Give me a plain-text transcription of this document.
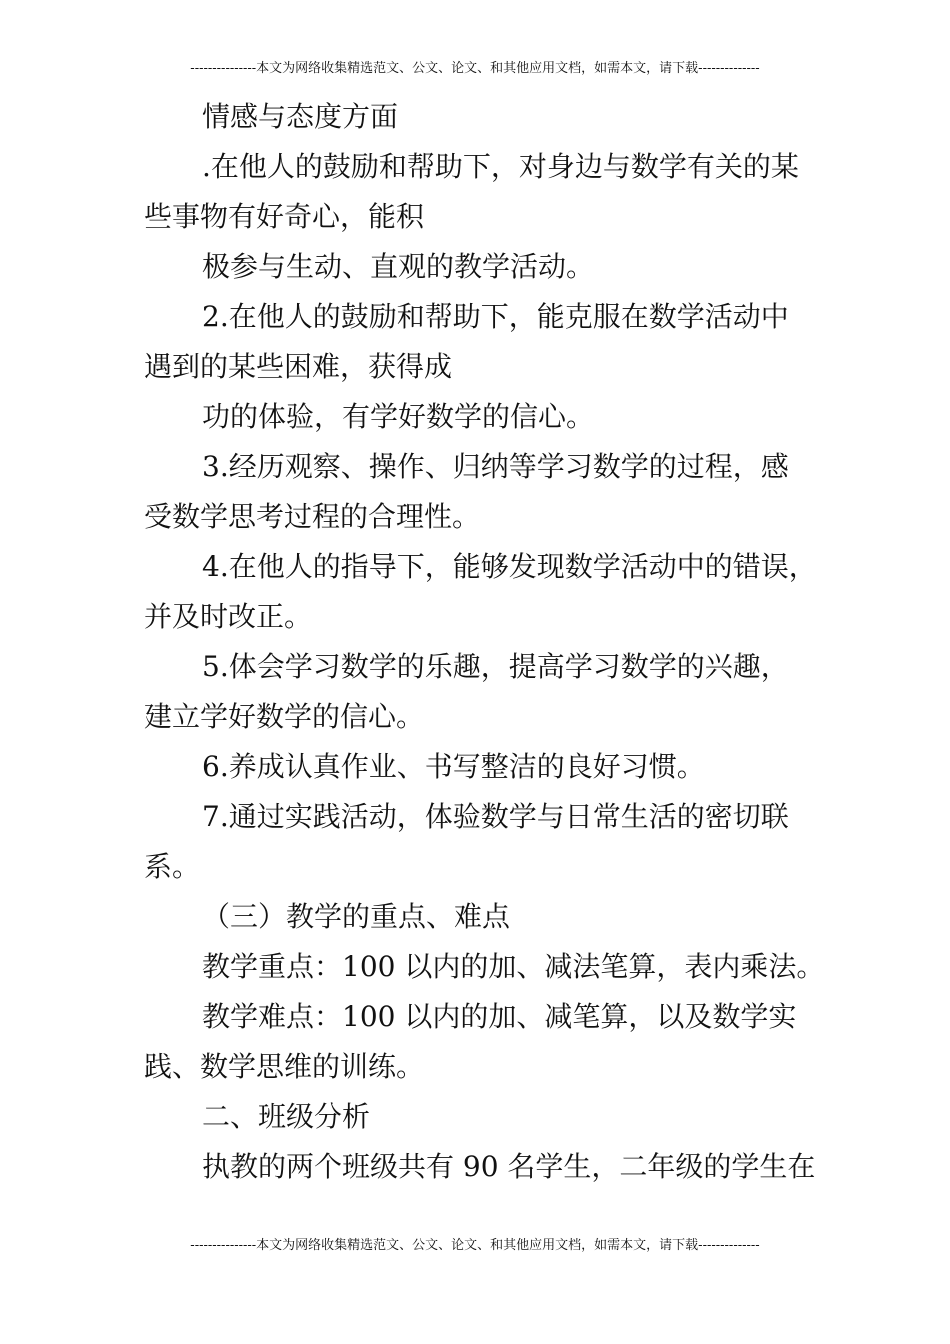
---------------本文为网络收集精选范文、公文、论文、和其他应用文档，如需本文，请下载--------------

情感与态度方面

.在他人的鼓励和帮助下，对身边与数学有关的某
些事物有好奇心，能积

极参与生动、直观的教学活动。

2.在他人的鼓励和帮助下，能克服在数学活动中
遇到的某些困难，获得成

功的体验，有学好数学的信心。

3.经历观察、操作、归纳等学习数学的过程，感
受数学思考过程的合理性。

4.在他人的指导下，能够发现数学活动中的错误，
并及时改正。

5.体会学习数学的乐趣，提高学习数学的兴趣，
建立学好数学的信心。

6.养成认真作业、书写整洁的良好习惯。

7.通过实践活动，体验数学与日常生活的密切联
系。

（三）教学的重点、难点

教学重点：100 以内的加、减法笔算，表内乘法。

教学难点：100 以内的加、减笔算，以及数学实
践、数学思维的训练。

二、班级分析

执教的两个班级共有 90 名学生，二年级的学生在

---------------本文为网络收集精选范文、公文、论文、和其他应用文档，如需本文，请下载--------------
